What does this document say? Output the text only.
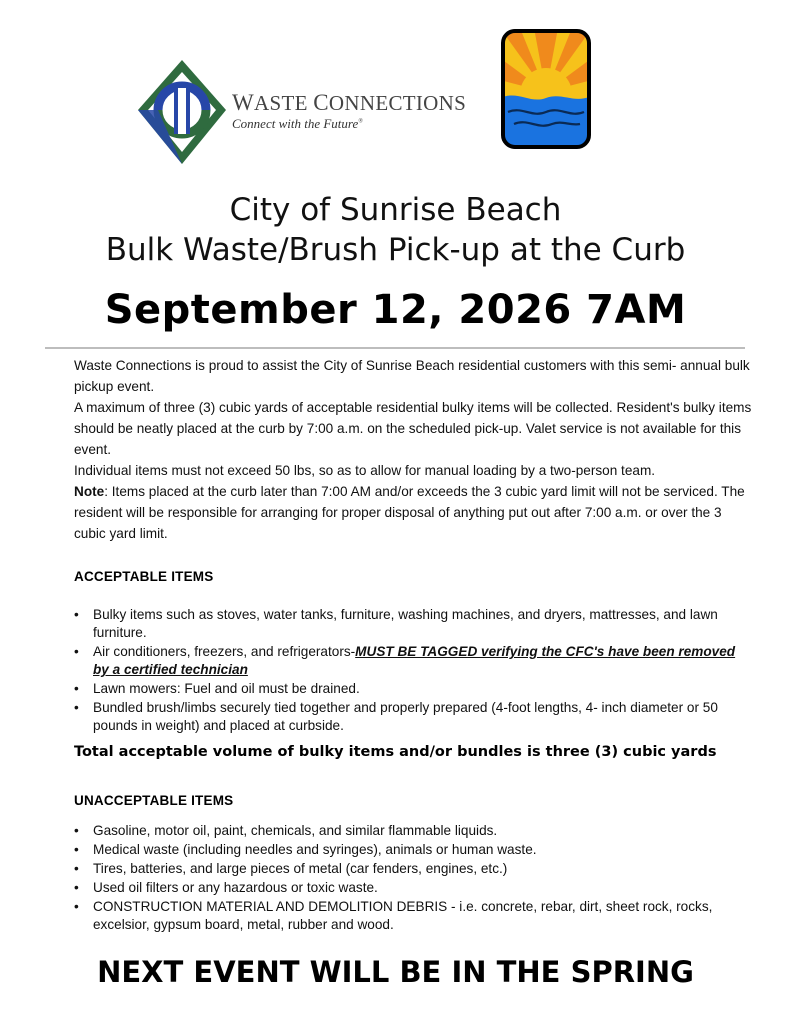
WASTE CONNECTIONS
Connect with the Future®
City of Sunrise Beach
Bulk Waste/Brush Pick-up at the Curb
September 12, 2026 7AM

Waste Connections is proud to assist the City of Sunrise Beach residential customers with this semi- annual bulk pickup event.

A maximum of three (3) cubic yards of acceptable residential bulky items will be collected. Resident's bulky items should be neatly placed at the curb by 7:00 a.m. on the scheduled pick-up. Valet service is not available for this event.

Individual items must not exceed 50 lbs, so as to allow for manual loading by a two-person team.

Note: Items placed at the curb later than 7:00 AM and/or exceeds the 3 cubic yard limit will not be serviced. The resident will be responsible for arranging for proper disposal of anything put out after 7:00 a.m. or over the 3 cubic yard limit.

ACCEPTABLE ITEMS
• Bulky items such as stoves, water tanks, furniture, washing machines, and dryers, mattresses, and lawn furniture.
• Air conditioners, freezers, and refrigerators-MUST BE TAGGED verifying the CFC's have been removed by a certified technician
• Lawn mowers: Fuel and oil must be drained.
• Bundled brush/limbs securely tied together and properly prepared (4-foot lengths, 4- inch diameter or 50 pounds in weight) and placed at curbside.
Total acceptable volume of bulky items and/or bundles is three (3) cubic yards
UNACCEPTABLE ITEMS
• Gasoline, motor oil, paint, chemicals, and similar flammable liquids.
• Medical waste (including needles and syringes), animals or human waste.
• Tires, batteries, and large pieces of metal (car fenders, engines, etc.)
• Used oil filters or any hazardous or toxic waste.
• CONSTRUCTION MATERIAL AND DEMOLITION DEBRIS - i.e. concrete, rebar, dirt, sheet rock, rocks, excelsior, gypsum board, metal, rubber and wood.
NEXT EVENT WILL BE IN THE SPRING
